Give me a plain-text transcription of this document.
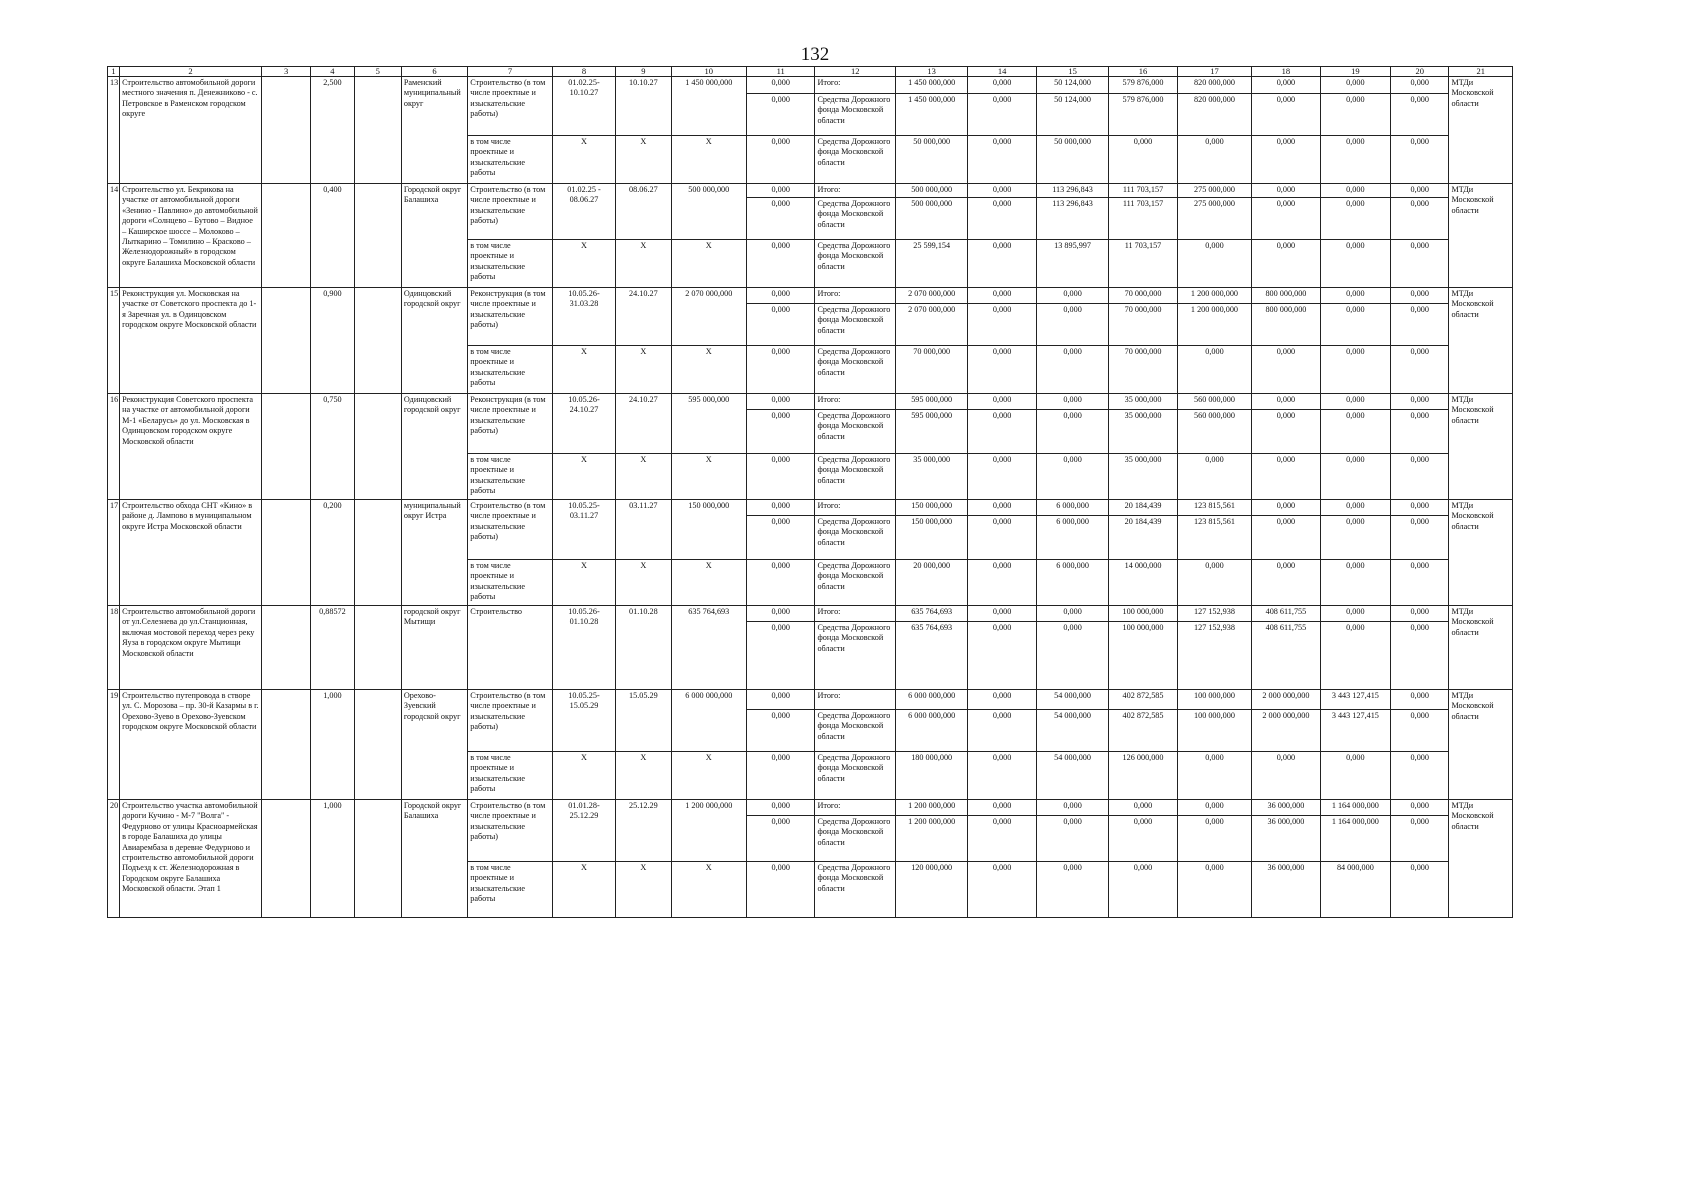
132
1	2	3	4	5	6	7	8	9	10	11	12	13	14	15	16	17	18	19	20	21
13	Строительство автомобильной дороги местного значения п. Денежниково - с. Петровское в Раменском городском округе		2,500		Раменский муниципальный округ	Строительство (в том числе проектные и изыскательские работы)	01.02.25-10.10.27	10.10.27	1 450 000,000	0,000	Итого:	1 450 000,000	0,000	50 124,000	579 876,000	820 000,000	0,000	0,000	0,000	МТДи Московской области
										0,000	Средства Дорожного фонда Московской области	1 450 000,000	0,000	50 124,000	579 876,000	820 000,000	0,000	0,000	0,000	
						в том числе проектные и изыскательские работы	X	X	X	0,000	Средства Дорожного фонда Московской области	50 000,000	0,000	50 000,000	0,000	0,000	0,000	0,000	0,000	
14	Строительство ул. Бекрикова на участке от автомобильной дороги «Зенино - Павлино» до автомобильной дороги «Солнцево – Бутово – Видное – Каширское шоссе – Молоково – Лыткарино – Томилино – Красково – Железнодорожный» в городском округе Балашиха Московской области		0,400		Городской округ Балашиха	Строительство (в том числе проектные и изыскательские работы)	01.02.25 - 08.06.27	08.06.27	500 000,000	0,000	Итого:	500 000,000	0,000	113 296,843	111 703,157	275 000,000	0,000	0,000	0,000	МТДи Московской области
										0,000	Средства Дорожного фонда Московской области	500 000,000	0,000	113 296,843	111 703,157	275 000,000	0,000	0,000	0,000	
						в том числе проектные и изыскательские работы	X	X	X	0,000	Средства Дорожного фонда Московской области	25 599,154	0,000	13 895,997	11 703,157	0,000	0,000	0,000	0,000	
15	Реконструкция ул. Московская на участке от Советского проспекта до 1-я Заречная ул. в Одинцовском городском округе Московской области		0,900		Одинцовский городской округ	Реконструкция (в том числе проектные и изыскательские работы)	10.05.26-31.03.28	24.10.27	2 070 000,000	0,000	Итого:	2 070 000,000	0,000	0,000	70 000,000	1 200 000,000	800 000,000	0,000	0,000	МТДи Московской области
										0,000	Средства Дорожного фонда Московской области	2 070 000,000	0,000	0,000	70 000,000	1 200 000,000	800 000,000	0,000	0,000	
						в том числе проектные и изыскательские работы	X	X	X	0,000	Средства Дорожного фонда Московской области	70 000,000	0,000	0,000	70 000,000	0,000	0,000	0,000	0,000	
16	Реконструкция Советского проспекта на участке от автомобильной дороги М-1 «Беларусь» до ул. Московская в Одинцовском городском округе Московской области		0,750		Одинцовский городской округ	Реконструкция (в том числе проектные и изыскательские работы)	10.05.26-24.10.27	24.10.27	595 000,000	0,000	Итого:	595 000,000	0,000	0,000	35 000,000	560 000,000	0,000	0,000	0,000	МТДи Московской области
										0,000	Средства Дорожного фонда Московской области	595 000,000	0,000	0,000	35 000,000	560 000,000	0,000	0,000	0,000	
						в том числе проектные и изыскательские работы	X	X	X	0,000	Средства Дорожного фонда Московской области	35 000,000	0,000	0,000	35 000,000	0,000	0,000	0,000	0,000	
17	Строительство обхода СНТ «Кино» в районе д. Лампово в муниципальном округе Истра Московской области		0,200		муниципальный округ Истра	Строительство (в том числе проектные и изыскательские работы)	10.05.25-03.11.27	03.11.27	150 000,000	0,000	Итого:	150 000,000	0,000	6 000,000	20 184,439	123 815,561	0,000	0,000	0,000	МТДи Московской области
										0,000	Средства Дорожного фонда Московской области	150 000,000	0,000	6 000,000	20 184,439	123 815,561	0,000	0,000	0,000	
						в том числе проектные и изыскательские работы	X	X	X	0,000	Средства Дорожного фонда Московской области	20 000,000	0,000	6 000,000	14 000,000	0,000	0,000	0,000	0,000	
18	Строительство автомобильной дороги от ул.Селезнева до ул.Станционная, включая мостовой переход через реку Яуза в городском округе Мытищи Московской области		0,88572		городской округ Мытищи	Строительство	10.05.26-01.10.28	01.10.28	635 764,693	0,000	Итого:	635 764,693	0,000	0,000	100 000,000	127 152,938	408 611,755	0,000	0,000	МТДи Московской области
										0,000	Средства Дорожного фонда Московской области	635 764,693	0,000	0,000	100 000,000	127 152,938	408 611,755	0,000	0,000	
19	Строительство путепровода в створе ул. С. Морозова – пр. 30-й Казармы в г. Орехово-Зуево в Орехово-Зуевском городском округе Московской области		1,000		Орехово-Зуевский городской округ	Строительство (в том числе проектные и изыскательские работы)	10.05.25-15.05.29	15.05.29	6 000 000,000	0,000	Итого:	6 000 000,000	0,000	54 000,000	402 872,585	100 000,000	2 000 000,000	3 443 127,415	0,000	МТДи Московской области
										0,000	Средства Дорожного фонда Московской области	6 000 000,000	0,000	54 000,000	402 872,585	100 000,000	2 000 000,000	3 443 127,415	0,000	
						в том числе проектные и изыскательские работы	X	X	X	0,000	Средства Дорожного фонда Московской области	180 000,000	0,000	54 000,000	126 000,000	0,000	0,000	0,000	0,000	
20	Строительство участка автомобильной дороги Кучино - М-7 "Волга" - Федурново от улицы Красноармейская в городе Балашиха до улицы Авиарембаза в деревне Федурново и строительство автомобильной дороги Подъезд к ст. Железнодорожная в Городском округе Балашиха Московской области. Этап 1		1,000		Городской округ Балашиха	Строительство (в том числе проектные и изыскательские работы)	01.01.28-25.12.29	25.12.29	1 200 000,000	0,000	Итого:	1 200 000,000	0,000	0,000	0,000	0,000	36 000,000	1 164 000,000	0,000	МТДи Московской области
										0,000	Средства Дорожного фонда Московской области	1 200 000,000	0,000	0,000	0,000	0,000	36 000,000	1 164 000,000	0,000	
						в том числе проектные и изыскательские работы	X	X	X	0,000	Средства Дорожного фонда Московской области	120 000,000	0,000	0,000	0,000	0,000	36 000,000	84 000,000	0,000	
